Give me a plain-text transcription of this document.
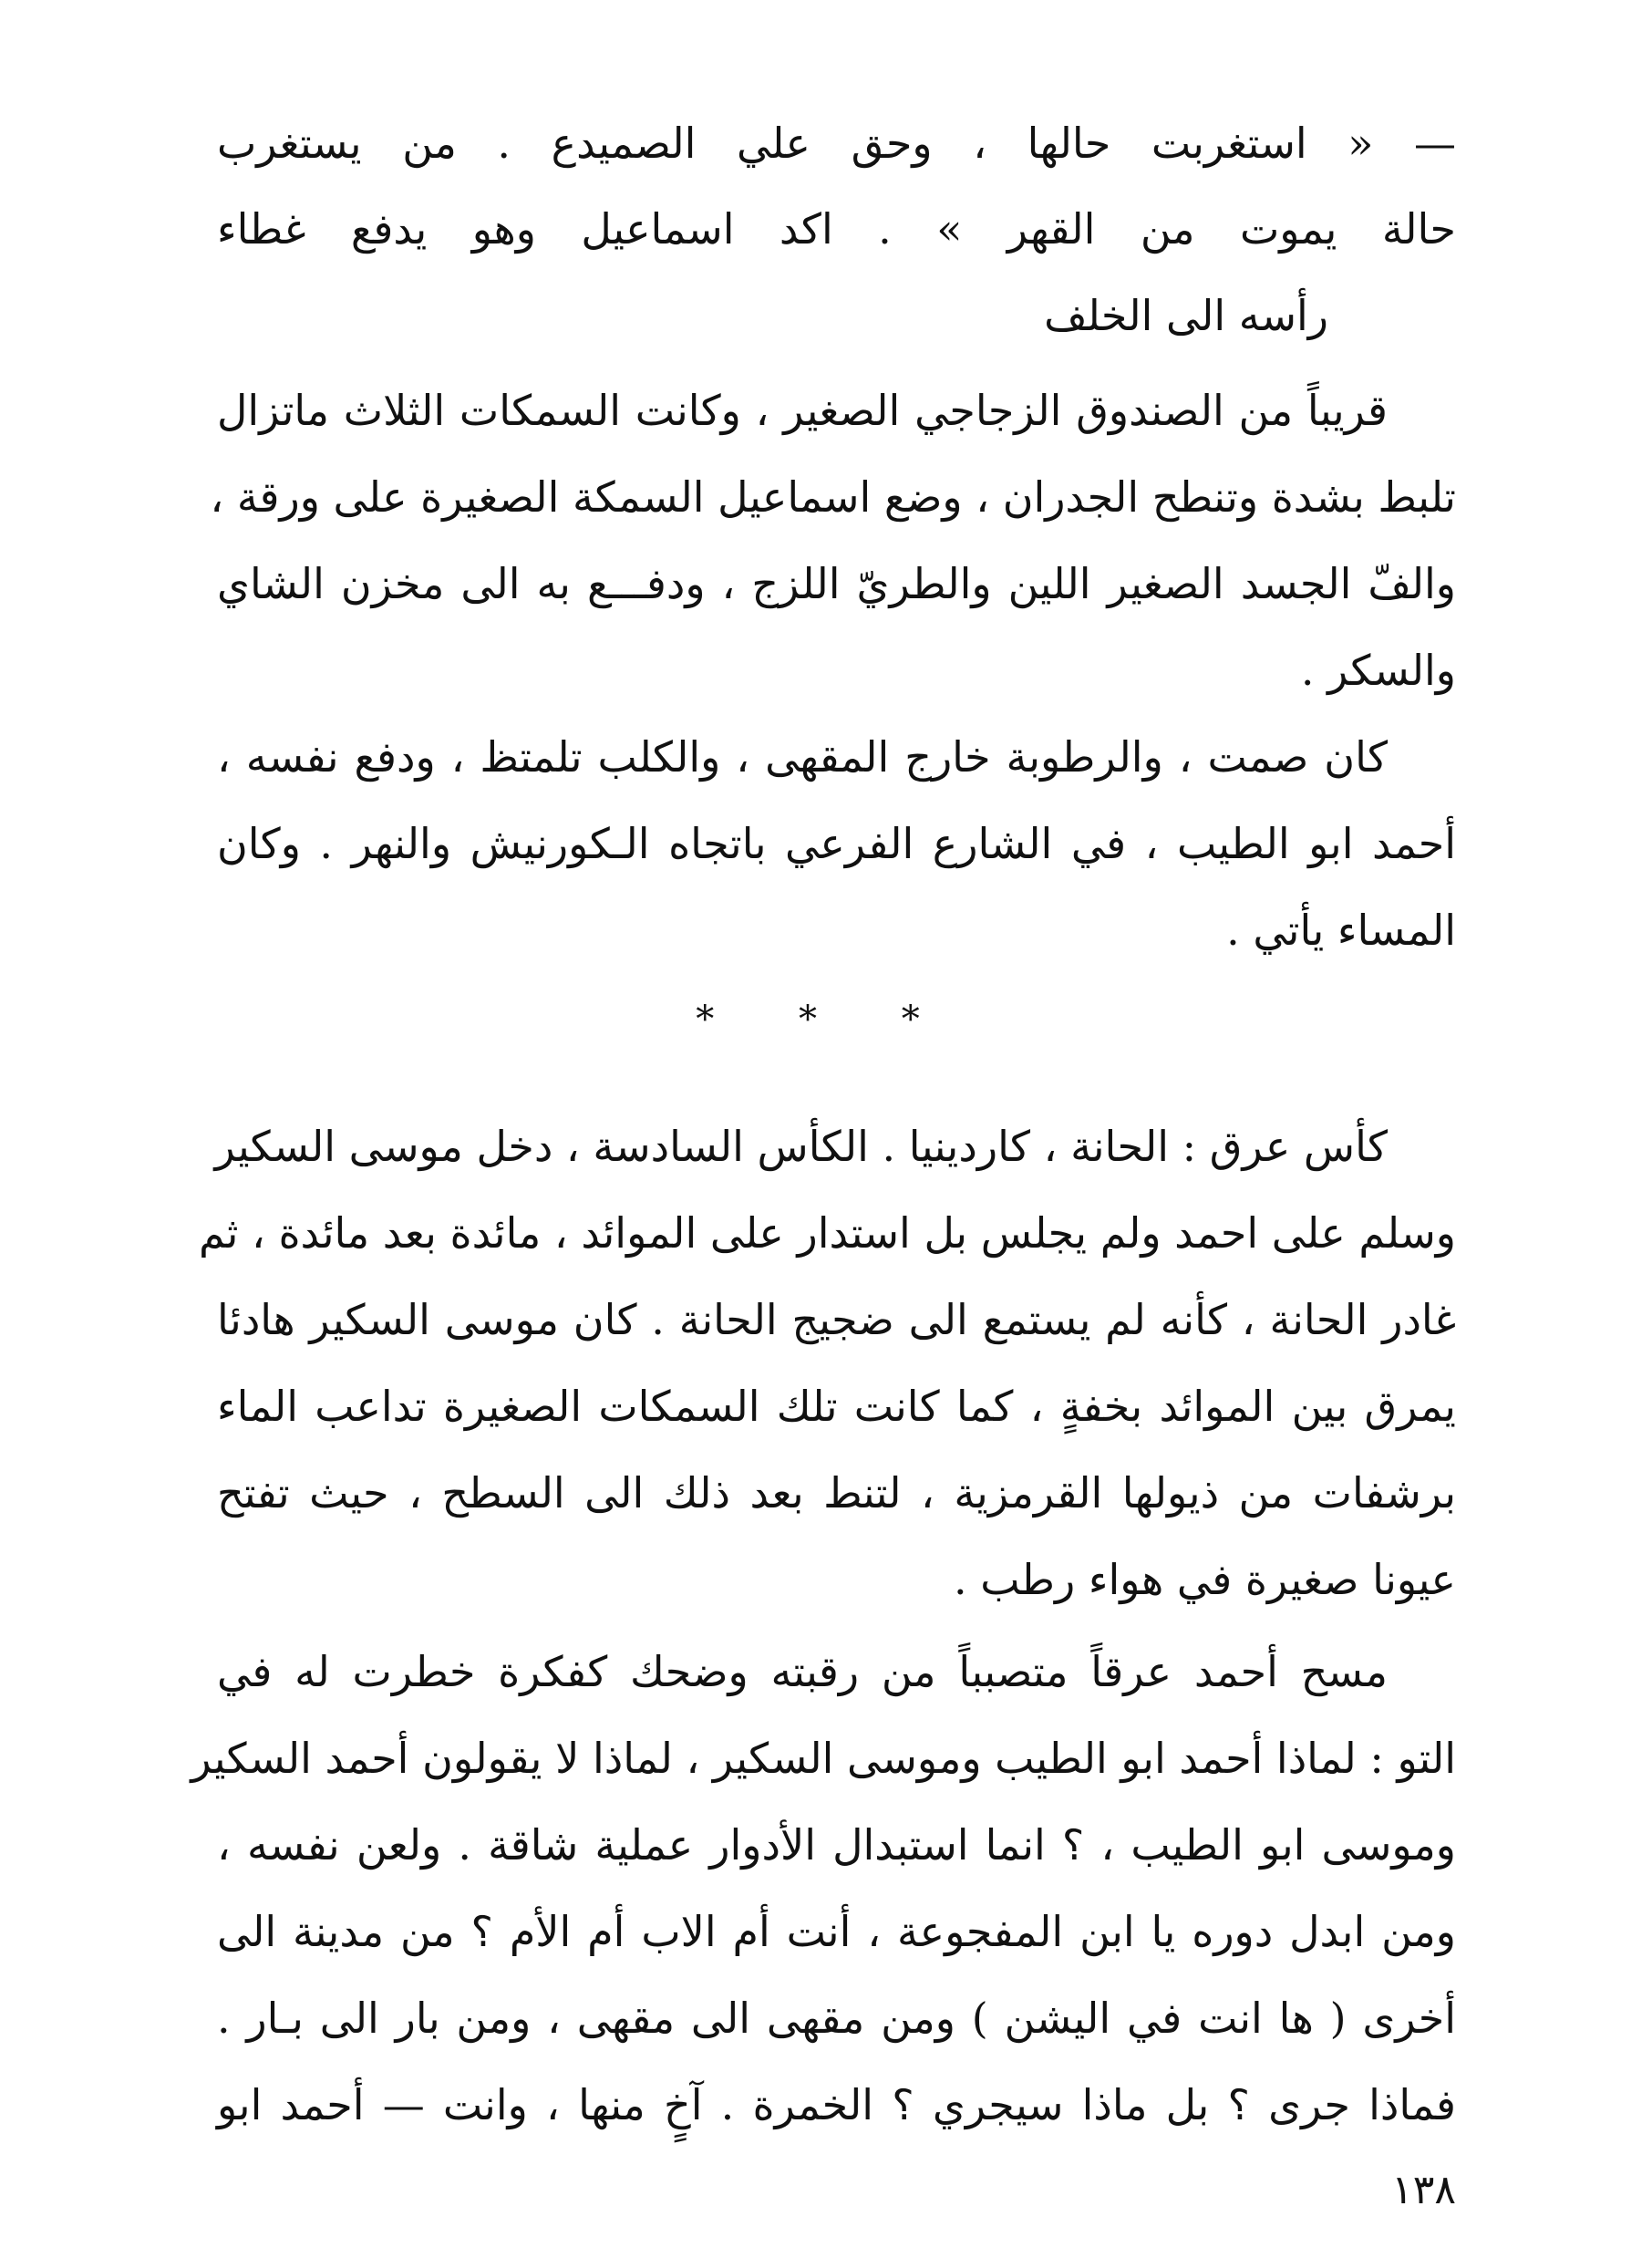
— « استغربت حالها ، وحق علي الصميدع . من يستغرب
حالة يموت من القهر » . اكد اسماعيل وهو يدفع غطاء
رأسه الى الخلف
قريباً من الصندوق الزجاجي الصغير ، وكانت السمكات الثلاث ماتزال
تلبط بشدة وتنطح الجدران ، وضع اسماعيل السمكة الصغيرة على ورقة ،
والفّ الجسد الصغير اللين والطريّ اللزج ، ودفـــع به الى مخزن الشاي
والسكر .
كان صمت ، والرطوبة خارج المقهى ، والكلب تلمتظ ، ودفع نفسه ،
أحمد ابو الطيب ، في الشارع الفرعي باتجاه الـكورنيش والنهر . وكان
المساء يأتي .
* * *
كأس عرق : الحانة ، كاردينيا . الكأس السادسة ، دخل موسى السكير
وسلم على احمد ولم يجلس بل استدار على الموائد ، مائدة بعد مائدة ، ثم
غادر الحانة ، كأنه لم يستمع الى ضجيج الحانة . كان موسى السكير هادئا
يمرق بين الموائد بخفةٍ ، كما كانت تلك السمكات الصغيرة تداعب الماء
برشفات من ذيولها القرمزية ، لتنط بعد ذلك الى السطح ، حيث تفتح
عيونا صغيرة في هواء رطب .
مسح أحمد عرقاً متصبباً من رقبته وضحك كفكرة خطرت له في
التو : لماذا أحمد ابو الطيب وموسى السكير ، لماذا لا يقولون أحمد السكير
وموسى ابو الطيب ، ؟ انما استبدال الأدوار عملية شاقة . ولعن نفسه ،
ومن ابدل دوره يا ابن المفجوعة ، أنت أم الاب أم الأم ؟ من مدينة الى
أخرى ( ها انت في اليشن ) ومن مقهى الى مقهى ، ومن بار الى بـار .
فماذا جرى ؟ بل ماذا سيجري ؟ الخمرة . آخٍ منها ، وانت — أحمد ابو
١٣٨
